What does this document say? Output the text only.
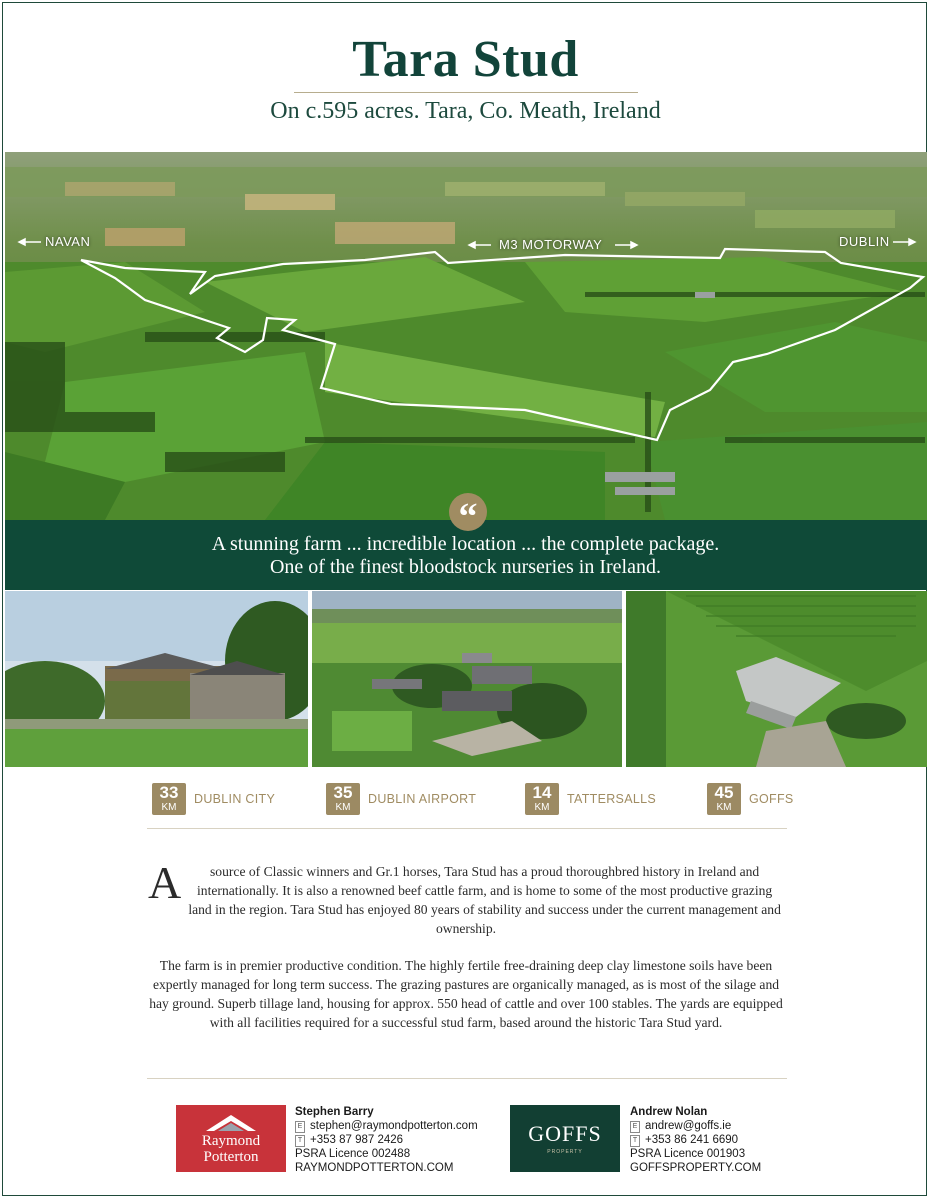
Tara Stud
On c.595 acres. Tara, Co. Meath, Ireland
NAVAN	M3 MOTORWAY	DUBLIN
“
A stunning farm ... incredible location ... the complete package.
One of the finest bloodstock nurseries in Ireland.
33
KM
DUBLIN CITY	35
KM
DUBLIN AIRPORT	14
KM
TATTERSALLS	45
KM
GOFFS
A source of Classic winners and Gr.1 horses, Tara Stud has a proud thoroughbred history in Ireland and internationally. It is also a renowned beef cattle farm, and is home to some of the most productive grazing land in the region. Tara Stud has enjoyed 80 years of stability and success under the current management and ownership.
The farm is in premier productive condition. The highly fertile free-draining deep clay limestone soils have been expertly managed for long term success. The grazing pastures are organically managed, as is most of the silage and hay ground. Superb tillage land, housing for approx. 550 head of cattle and over 100 stables. The yards are equipped with all facilities required for a successful stud farm, based around the historic Tara Stud yard.
Raymond
Potterton
Stephen Barry
E stephen@raymondpotterton.com
T +353 87 987 2426
PSRA Licence 002488
RAYMONDPOTTERTON.COM
GOFFS
PROPERTY
Andrew Nolan
E andrew@goffs.ie
T +353 86 241 6690
PSRA Licence 001903
GOFFSPROPERTY.COM
